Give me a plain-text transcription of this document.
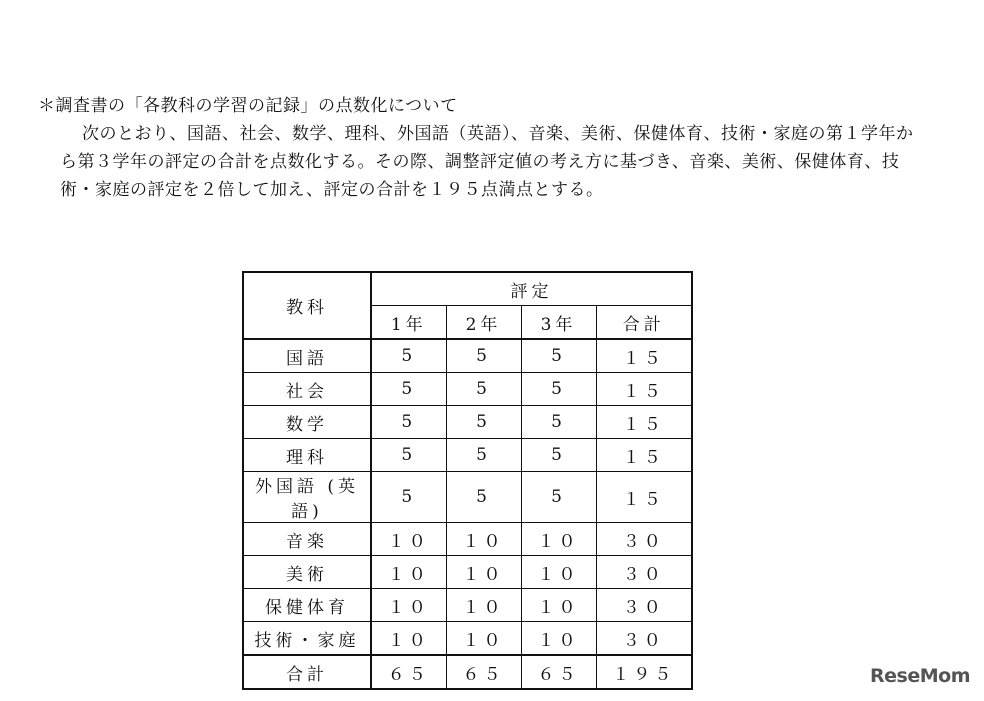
＊調査書の「各教科の学習の記録」の点数化について

次のとおり、国語、社会、数学、理科、外国語（英語）、音楽、美術、保健体育、技術・家庭の第１学年から第３学年の評定の合計を点数化する。その際、調整評定値の考え方に基づき、音楽、美術、保健体育、技術・家庭の評定を２倍して加え、評定の合計を１９５点満点とする。

教科	評定			
	1年	2年	3年	合計
国語	5	5	5	１５
社会	5	5	5	１５
数学	5	5	5	１５
理科	5	5	5	１５
外国語 (英語)	5	5	5	１５
音楽	１０	１０	１０	３０
美術	１０	１０	１０	３０
保健体育	１０	１０	１０	３０
技術・家庭	１０	１０	１０	３０
合計	６５	６５	６５	１９５	ReseMom
